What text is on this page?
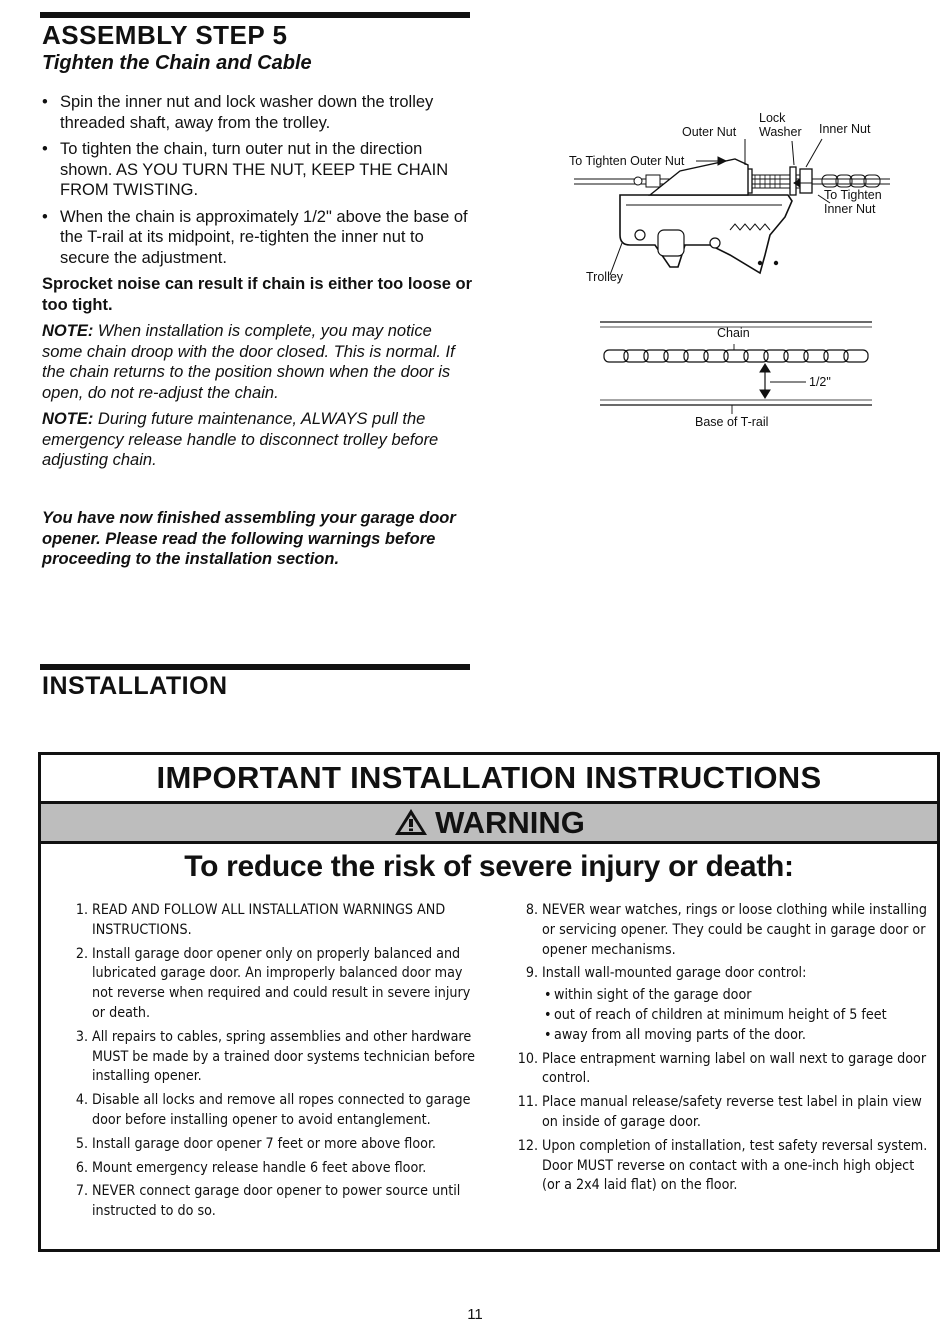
ASSEMBLY STEP 5
Tighten the Chain and Cable
• Spin the inner nut and lock washer down the trolley threaded shaft, away from the trolley.
• To tighten the chain, turn outer nut in the direction shown. AS YOU TURN THE NUT, KEEP THE CHAIN FROM TWISTING.
• When the chain is approximately 1/2" above the base of the T-rail at its midpoint, re-tighten the inner nut to secure the adjustment.

Sprocket noise can result if chain is either too loose or too tight.

NOTE: When installation is complete, you may notice some chain droop with the door closed. This is normal. If the chain returns to the position shown when the door is open, do not re-adjust the chain.

NOTE: During future maintenance, ALWAYS pull the emergency release handle to disconnect trolley before adjusting chain.

You have now finished assembling your garage door opener. Please read the following warnings before proceeding to the installation section.
Outer Nut
Lock
Washer Inner Nut
To Tighten Outer Nut
To Tighten
Inner Nut
Trolley
Chain
1/2"
Base of T-rail
INSTALLATION
IMPORTANT INSTALLATION INSTRUCTIONS
WARNING
To reduce the risk of severe injury or death:
1. READ AND FOLLOW ALL INSTALLATION WARNINGS AND INSTRUCTIONS.
2. Install garage door opener only on properly balanced and lubricated garage door. An improperly balanced door may not reverse when required and could result in severe injury or death.
3. All repairs to cables, spring assemblies and other hardware MUST be made by a trained door systems technician before installing opener.
4. Disable all locks and remove all ropes connected to garage door before installing opener to avoid entanglement.
5. Install garage door opener 7 feet or more above floor.
6. Mount emergency release handle 6 feet above floor.
7. NEVER connect garage door opener to power source until instructed to do so.
8. NEVER wear watches, rings or loose clothing while installing or servicing opener. They could be caught in garage door or opener mechanisms.
9. Install wall-mounted garage door control:
• within sight of the garage door
• out of reach of children at minimum height of 5 feet
• away from all moving parts of the door.
10. Place entrapment warning label on wall next to garage door control.
11. Place manual release/safety reverse test label in plain view on inside of garage door.
12. Upon completion of installation, test safety reversal system. Door MUST reverse on contact with a one-inch high object (or a 2x4 laid flat) on the floor.
11
